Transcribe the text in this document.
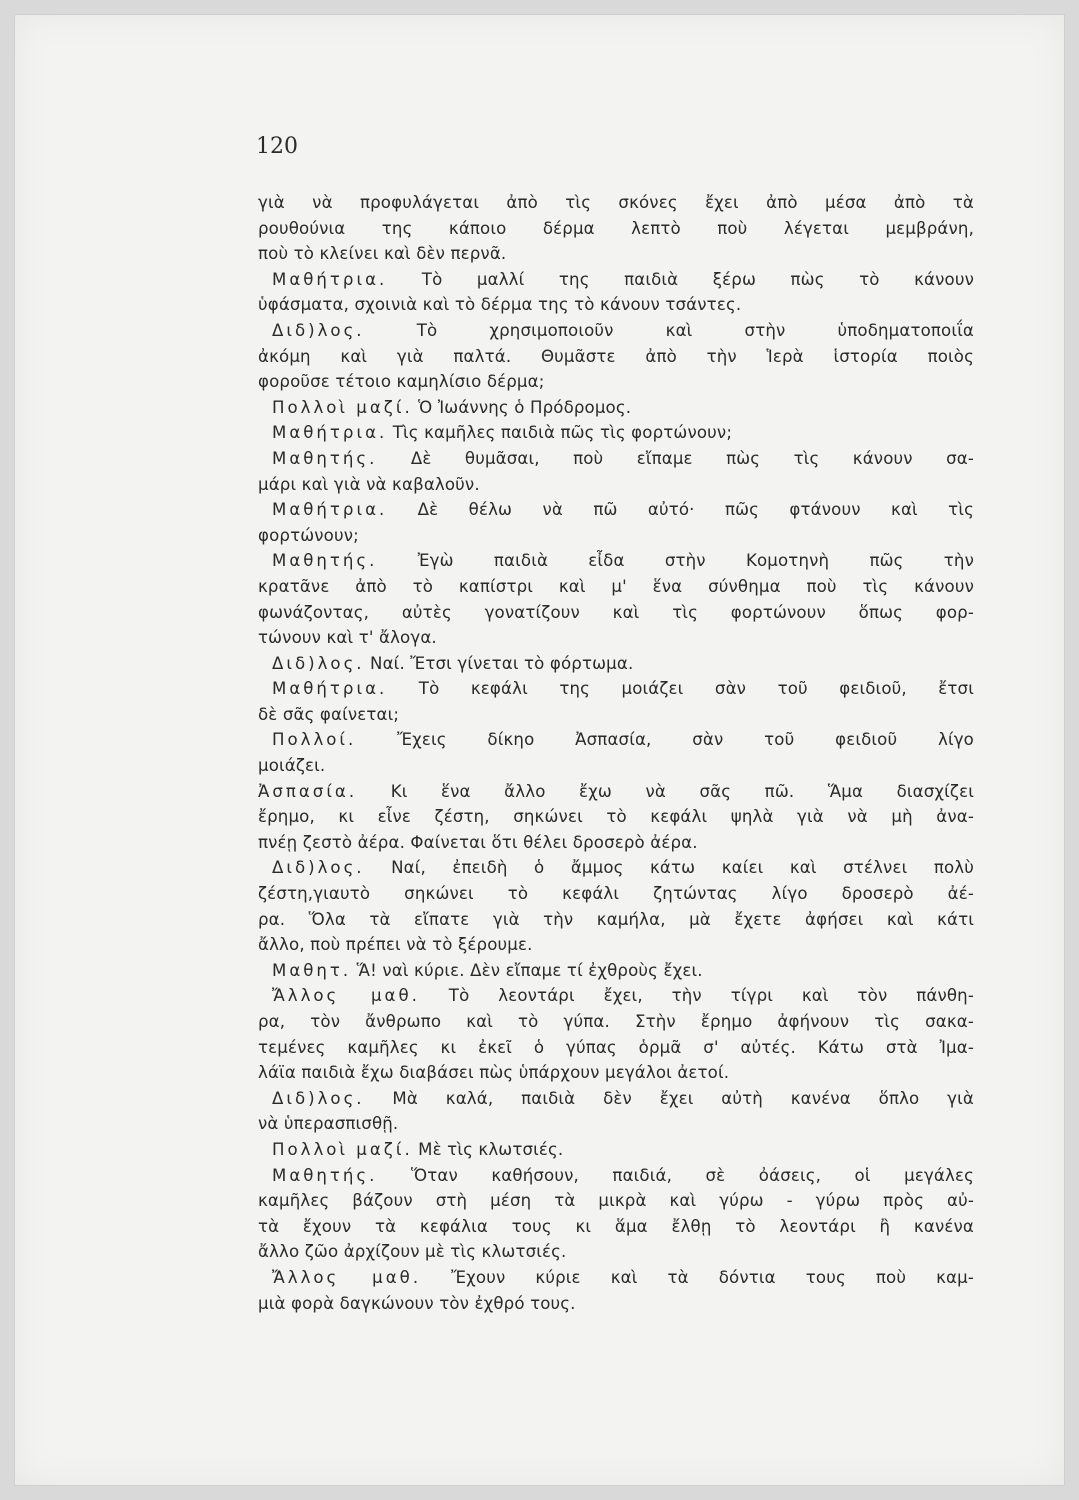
120
γιὰ νὰ προφυλάγεται ἀπὸ τὶς σκόνες ἔχει ἀπὸ μέσα ἀπὸ τὰ
ρουθούνια της κάποιο δέρμα λεπτὸ ποὺ λέγεται μεμβράνη,
ποὺ τὸ κλείνει καὶ δὲν περνᾶ.
Μαθήτρια. Τὸ μαλλί της παιδιὰ ξέρω πὼς τὸ κάνουν
ὑφάσματα, σχοινιὰ καὶ τὸ δέρμα της τὸ κάνουν τσάντες.
Διδ)λος.	Τὸ χρησιμοποιοῦν καὶ στὴν ὑποδηματοποιΐα
ἀκόμη καὶ γιὰ παλτά. Θυμᾶστε ἀπὸ τὴν Ἱερὰ ἱστορία ποιὸς
φοροῦσε τέτοιο καμηλίσιο δέρμα;
Πολλοὶ μαζί. Ὁ Ἰωάννης ὁ Πρόδρομος.
Μαθήτρια. Τὶς καμῆλες παιδιὰ πῶς τὶς φορτώνουν;
Μαθητής. Δὲ θυμᾶσαι, ποὺ εἴπαμε πὼς τὶς κάνουν σα-
μάρι καὶ γιὰ νὰ καβαλοῦν.
Μαθήτρια. Δὲ θέλω νὰ πῶ αὐτό· πῶς φτάνουν καὶ τὶς
φορτώνουν;
Μαθητής. Ἐγὼ παιδιὰ εἶδα στὴν Κομοτηνὴ πῶς τὴν
κρατᾶνε ἀπὸ τὸ καπίστρι καὶ μ' ἕνα σύνθημα ποὺ τὶς κάνουν
φωνάζοντας, αὐτὲς γονατίζουν καὶ τὶς φορτώνουν ὅπως φορ-
τώνουν καὶ τ' ἄλογα.
Διδ)λος. Ναί. Ἔτσι γίνεται τὸ φόρτωμα.
Μαθήτρια. Τὸ κεφάλι της μοιάζει σὰν τοῦ φειδιοῦ, ἔτσι
δὲ σᾶς φαίνεται;
Πολλοί. Ἔχεις δίκηο Ἀσπασία, σὰν τοῦ φειδιοῦ λίγο
μοιάζει.
Ἀσπασία. Κι ἕνα ἄλλο ἔχω νὰ σᾶς πῶ. Ἅμα διασχίζει
ἔρημο, κι εἶνε ζέστη, σηκώνει τὸ κεφάλι ψηλὰ γιὰ νὰ μὴ ἀνα-
πνέῃ ζεστὸ ἀέρα. Φαίνεται ὅτι θέλει δροσερὸ ἀέρα.
Διδ)λος. Ναί, ἐπειδὴ ὁ ἄμμος κάτω καίει καὶ στέλνει πολὺ
ζέστη,γιαυτὸ σηκώνει τὸ κεφάλι ζητώντας λίγο δροσερὸ ἀέ-
ρα. Ὅλα τὰ εἴπατε γιὰ τὴν καμήλα, μὰ ἔχετε ἀφήσει καὶ κάτι
ἄλλο, ποὺ πρέπει νὰ τὸ ξέρουμε.
Μαθητ. Ἅ! ναὶ κύριε. Δὲν εἴπαμε τί ἐχθροὺς ἔχει.
Ἄλλος μαθ. Τὸ λεοντάρι ἔχει, τὴν τίγρι καὶ τὸν πάνθη-
ρα, τὸν ἄνθρωπο καὶ τὸ γύπα. Στὴν ἔρημο ἀφήνουν τὶς σακα-
τεμένες καμῆλες κι ἐκεῖ ὁ γύπας ὁρμᾶ σ' αὐτές. Κάτω στὰ Ἰμα-
λάϊα παιδιὰ ἔχω διαβάσει πὼς ὑπάρχουν μεγάλοι ἀετοί.
Διδ)λος. Μὰ καλά, παιδιὰ δὲν ἔχει αὐτὴ κανένα ὅπλο γιὰ
νὰ ὑπερασπισθῇ.
Πολλοὶ μαζί. Μὲ τὶς κλωτσιές.
Μαθητής. Ὅταν καθήσουν, παιδιά, σὲ ὀάσεις, οἱ μεγάλες
καμῆλες βάζουν στὴ μέση τὰ μικρὰ καὶ γύρω - γύρω πρὸς αὐ-
τὰ ἔχουν τὰ κεφάλια τους κι ἅμα ἔλθῃ τὸ λεοντάρι ἢ κανένα
ἄλλο ζῶο ἀρχίζουν μὲ τὶς κλωτσιές.
Ἄλλος μαθ. Ἔχουν κύριε καὶ τὰ δόντια τους ποὺ καμ-
μιὰ φορὰ δαγκώνουν τὸν ἐχθρό τους.
